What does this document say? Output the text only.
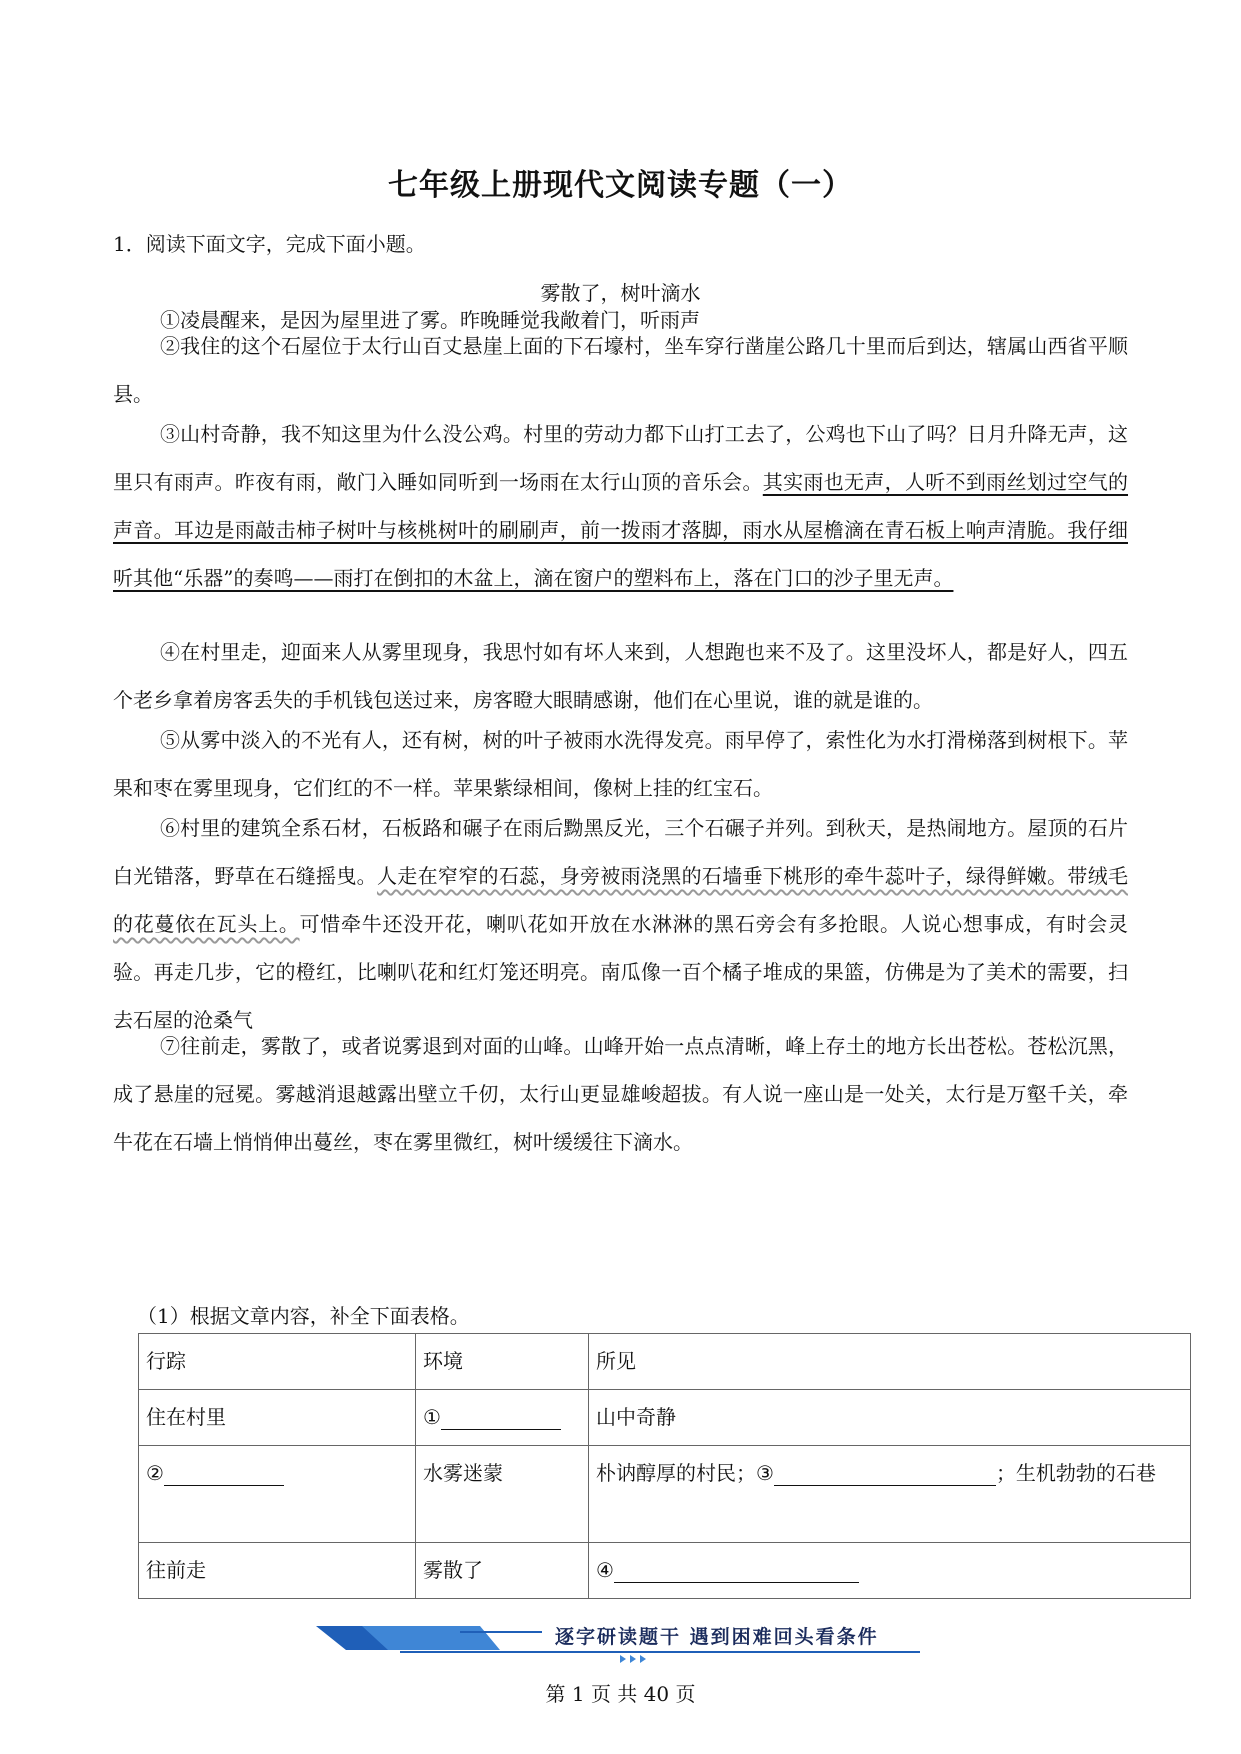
七年级上册现代文阅读专题（一）
1．阅读下面文字，完成下面小题。
雾散了，树叶滴水
①凌晨醒来，是因为屋里进了雾。昨晚睡觉我敞着门，听雨声
②我住的这个石屋位于太行山百丈悬崖上面的下石壕村，坐车穿行凿崖公路几十里而后到达，辖属山西省平顺县。
③山村奇静，我不知这里为什么没公鸡。村里的劳动力都下山打工去了，公鸡也下山了吗？日月升降无声，这里只有雨声。昨夜有雨，敞门入睡如同听到一场雨在太行山顶的音乐会。其实雨也无声，人听不到雨丝划过空气的声音。耳边是雨敲击柿子树叶与核桃树叶的刷刷声，前一拨雨才落脚，雨水从屋檐滴在青石板上响声清脆。我仔细听其他“乐器”的奏鸣——雨打在倒扣的木盆上，滴在窗户的塑料布上，落在门口的沙子里无声。
④在村里走，迎面来人从雾里现身，我思忖如有坏人来到，人想跑也来不及了。这里没坏人，都是好人，四五个老乡拿着房客丢失的手机钱包送过来，房客瞪大眼睛感谢，他们在心里说，谁的就是谁的。
⑤从雾中淡入的不光有人，还有树，树的叶子被雨水洗得发亮。雨早停了，索性化为水打滑梯落到树根下。苹果和枣在雾里现身，它们红的不一样。苹果紫绿相间，像树上挂的红宝石。
⑥村里的建筑全系石材，石板路和碾子在雨后黝黑反光，三个石碾子并列。到秋天，是热闹地方。屋顶的石片白光错落，野草在石缝摇曳。人走在窄窄的石蕊，身旁被雨浇黑的石墙垂下桃形的牵牛蕊叶子，绿得鲜嫩。带绒毛的花蔓依在瓦头上。可惜牵牛还没开花，喇叭花如开放在水淋淋的黑石旁会有多抢眼。人说心想事成，有时会灵验。再走几步，它的橙红，比喇叭花和红灯笼还明亮。南瓜像一百个橘子堆成的果篮，仿佛是为了美术的需要，扫去石屋的沧桑气
⑦往前走，雾散了，或者说雾退到对面的山峰。山峰开始一点点清晰，峰上存土的地方长出苍松。苍松沉黑，成了悬崖的冠冕。雾越消退越露出壁立千仞，太行山更显雄峻超拔。有人说一座山是一处关，太行是万壑千关，牵牛花在石墙上悄悄伸出蔓丝，枣在雾里微红，树叶缓缓往下滴水。
（1）根据文章内容，补全下面表格。
行踪	环境	所见
住在村里	①	山中奇静
②	水雾迷蒙	朴讷醇厚的村民；③ ；生机勃勃的石巷
往前走	雾散了	④
逐字研读题干 遇到困难回头看条件
第 1 页 共 40 页
